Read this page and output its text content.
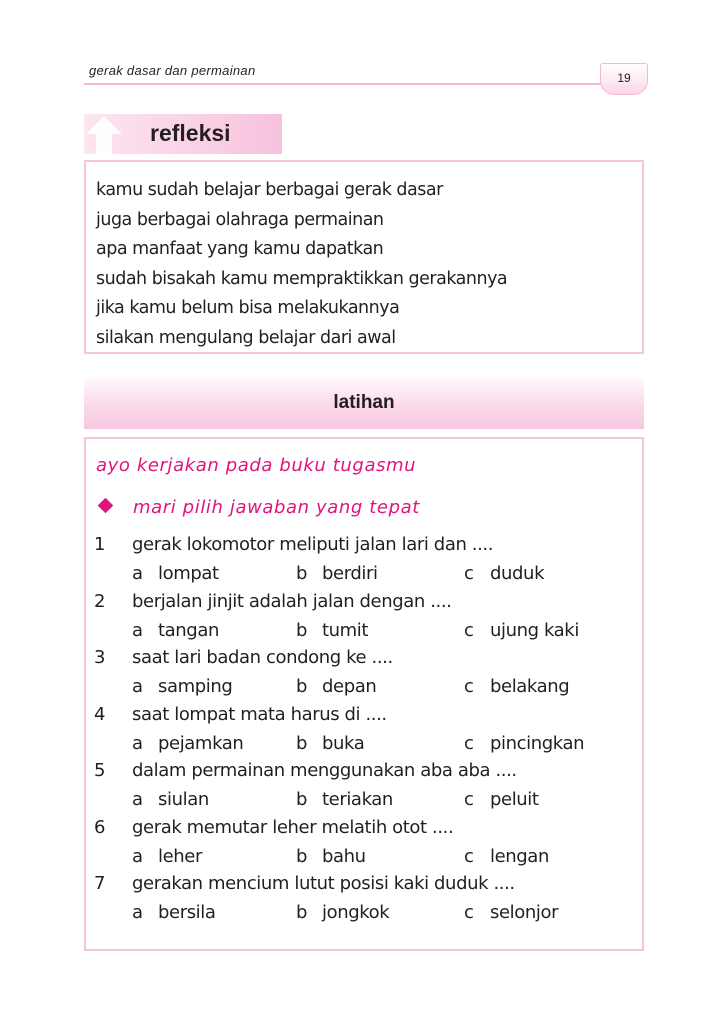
gerak dasar dan permainan	19
refleksi
kamu sudah belajar berbagai gerak dasar
juga berbagai olahraga permainan
apa manfaat yang kamu dapatkan
sudah bisakah kamu mempraktikkan gerakannya
jika kamu belum bisa melakukannya
silakan mengulang belajar dari awal
latihan
ayo kerjakan pada buku tugasmu
mari pilih jawaban yang tepat
1	gerak lokomotor meliputi jalan lari dan ....
a lompat	b berdiri	c duduk
2	berjalan jinjit adalah jalan dengan ....
a tangan	b tumit	c ujung kaki
3	saat lari badan condong ke ....
a samping	b depan	c belakang
4	saat lompat mata harus di ....
a pejamkan	b buka	c pincingkan
5	dalam permainan menggunakan aba aba ....
a siulan	b teriakan	c peluit
6	gerak memutar leher melatih otot ....
a leher	b bahu	c lengan
7	gerakan mencium lutut posisi kaki duduk ....
a bersila	b jongkok	c selonjor
